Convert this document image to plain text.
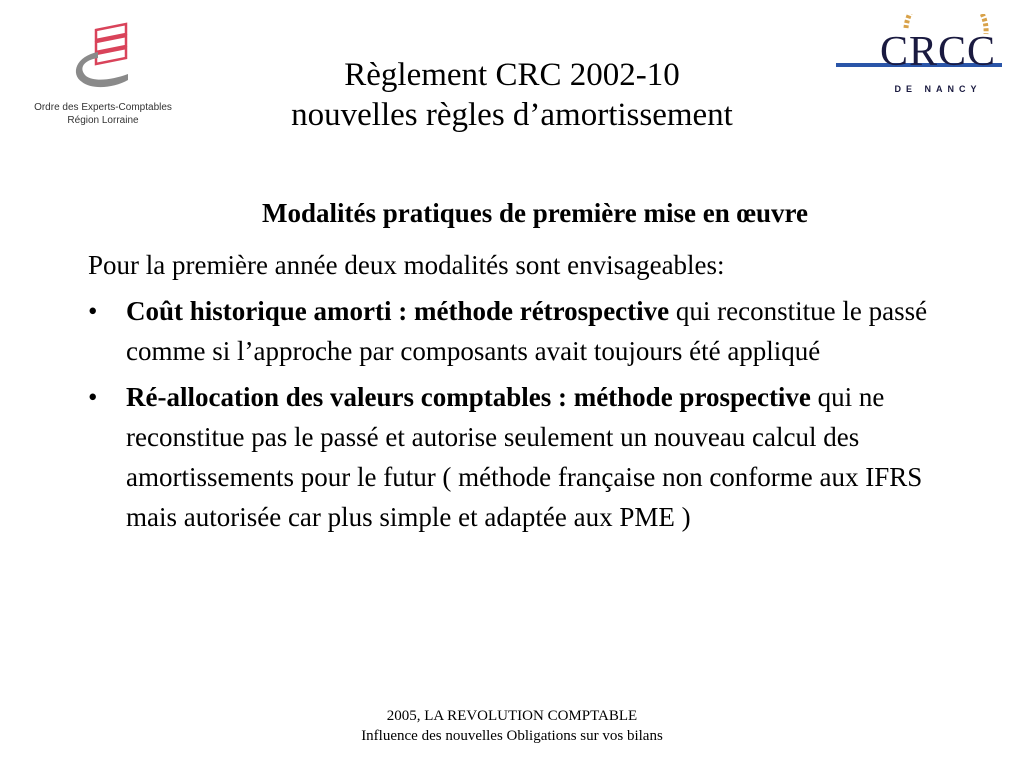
Ordre des Experts-Comptables
Région Lorraine
CRCC
DE NANCY
Règlement CRC 2002-10
nouvelles règles d’amortissement
Modalités pratiques de première mise en œuvre
Pour la première année deux modalités sont envisageables:
• Coût historique amorti : méthode rétrospective qui reconstitue le passé comme si l’approche par composants avait toujours été appliqué
• Ré-allocation des valeurs comptables : méthode prospective qui ne reconstitue pas le passé et autorise seulement un nouveau calcul des amortissements pour le futur ( méthode française non conforme aux IFRS mais autorisée car plus simple et adaptée aux PME )
2005, LA REVOLUTION COMPTABLE
Influence des nouvelles Obligations sur vos bilans
